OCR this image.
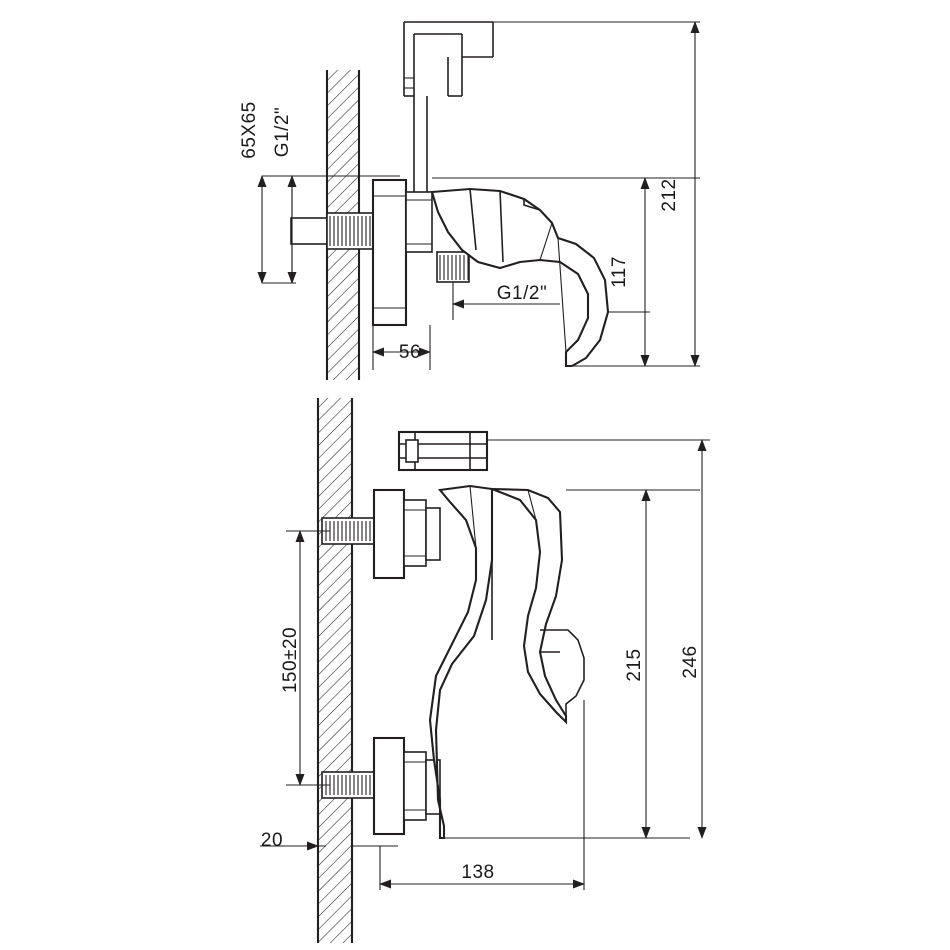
65X65 G1/2"
212
117
G1/2"
56
150±20	215 246
20
138
